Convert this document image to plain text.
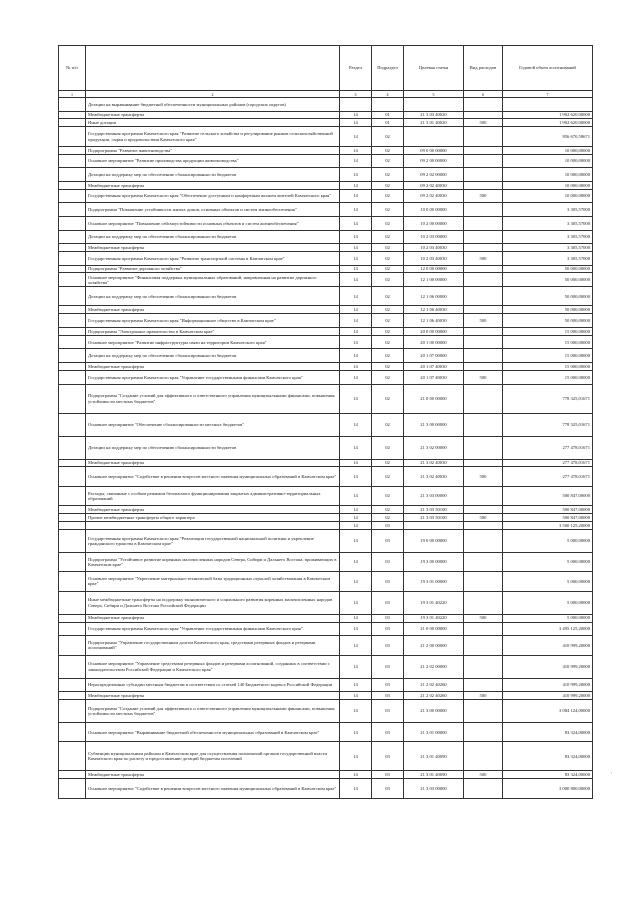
№ п/п		Раздел	Подраздел	Целевая статья	Вид расходов	Годовой объем ассигнований
1	2	3	4	5	6	7
	Дотации на выравнивание бюджетной обеспеченности муниципальных районов (городских округов)					
	Межбюджетные трансферты	14	01	21 3 03 40020		1 902 620,00000
	Иные дотации	14	01	21 3 01 40020	500	1 902 620,00000
	Государственная программа Камчатского края "Развитие сельского хозяйства и регулирование рынков сельскохозяйственной продукции, сырья и продовольствия Камчатского края"	14	02			856 670,58671
	Подпрограмма "Развитие животноводства"	14	02	09 0 00 00000		10 000,00000
	Основное мероприятие "Развитие производства продукции животноводства"	14	02	09 2 00 00000		10 000,00000
	Дотации на поддержку мер по обеспечению сбалансированности бюджетов	14	02	09 2 02 00000		10 000,00000
	Межбюджетные трансферты	14	02	09 2 02 40030		10 000,00000
	Государственная программа Камчатского края "Обеспечение доступным и комфортным жильем жителей Камчатского края"	14	02	09 2 02 40030	500	10 000,00000
	Подпрограмма "Повышение устойчивости жилых домов, основных объектов и систем жизнеобеспечения"	14	02	10 0 00 00000		3 305,57000
	Основное мероприятие "Повышение сейсмоустойчивости основных объектов и систем жизнеобеспечения"	14	02	10 2 00 00000		3 305,57000
	Дотации на поддержку мер по обеспечению сбалансированности бюджетов	14	02	10 2 03 00000		3 305,57000
	Межбюджетные трансферты	14	02	10 2 03 40030		3 305,57000
	Государственная программа Камчатского края "Развитие транспортной системы в Камчатском крае"	14	02	10 2 03 40030	500	3 305,57000
	Подпрограмма "Развитие дорожного хозяйства"	14	02	12 0 00 00000		50 000,00000
	Основное мероприятие "Финансовая поддержка муниципальных образований, направленная на развитие дорожного хозяйства"	14	02	12 1 00 00000		50 000,00000
	Дотации на поддержку мер по обеспечению сбалансированности бюджетов	14	02	12 1 06 00000		50 000,00000
	Межбюджетные трансферты	14	02	12 1 06 40030		50 000,00000
	Государственная программа Камчатского края "Информационное общество в Камчатском крае"	14	02	12 1 06 40030	500	50 000,00000
	Подпрограмма "Электронное правительство в Камчатском крае"	14	02	20 0 00 00000		15 000,00000
	Основное мероприятие "Развитие инфраструктуры связи на территории Камчатского края"	14	02	20 1 00 00000		15 000,00000
	Дотации на поддержку мер по обеспечению сбалансированности бюджетов	14	02	20 1 07 00000		15 000,00000
	Межбюджетные трансферты	14	02	20 1 07 40030		15 000,00000
	Государственная программа Камчатского края "Управление государственными финансами Камчатского края"	14	02	20 1 07 40030	500	15 000,00000
	Подпрограмма "Создание условий для эффективного и ответственного управления муниципальными финансами, повышения устойчивости местных бюджетов"	14	02	21 0 00 00000		778 325,01671
	Основное мероприятие "Обеспечение сбалансированности местных бюджетов"	14	02	21 3 00 00000		778 325,01671
	Дотации на поддержку мер по обеспечению сбалансированности бюджетов	14	02	21 3 02 00000		277 478,01671
	Межбюджетные трансферты	14	02	21 3 02 40030		277 478,01671
	Основное мероприятие "Содействие в решении вопросов местного значения муниципальных образований в Камчатском крае"	14	02	21 3 02 40030	500	277 478,01671
	Расходы, связанные с особым режимом безопасного функционирования закрытых административно-территориальных образований	14	02	21 3 03 00000		500 847,00000
	Межбюджетные трансферты	14	02	21 3 03 50100		500 847,00000
	Прочие межбюджетные трансферты общего характера	14	02	21 3 03 50100	500	500 847,00000
		14	03			3 500 125,20000
	Государственная программа Камчатского края "Реализация государственной национальной политики и укрепление гражданского единства в Камчатском крае"	14	03	19 0 00 00000		5 000,00000
	Подпрограмма "Устойчивое развитие коренных малочисленных народов Севера, Сибири и Дальнего Востока, проживающих в Камчатском крае"	14	03	19 3 00 00000		5 000,00000
	Основное мероприятие "Укрепление материально-технической базы традиционных отраслей хозяйствования в Камчатском крае"	14	03	19 3 01 00000		5 000,00000
	Иные межбюджетные трансферты на поддержку экономического и социального развития коренных малочисленных народов Севера, Сибири и Дальнего Востока Российской Федерации	14	03	19 3 01 40220		5 000,00000
	Межбюджетные трансферты	14	03	19 3 01 40220	500	5 000,00000
	Государственная программа Камчатского края "Управление государственными финансами Камчатского края"	14	03	21 0 00 00000		3 495 125,20000
	Подпрограмма "Управление государственным долгом Камчатского края, средствами резервных фондов и резервами ассигнований"	14	03	21 2 00 00000		410 999,20000
	Основное мероприятие "Управление средствами резервных фондов и резервами ассигнований, созданных в соответствии с законодательством Российской Федерации и Камчатского края"	14	03	21 2 02 00000		410 999,20000
	Нераспределенные субсидии местным бюджетам в соответствии со статьей 140 Бюджетного кодекса Российской Федерации	14	03	21 2 02 40260		410 999,20000
	Межбюджетные трансферты	14	03	21 2 02 40260	500	410 999,20000
	Подпрограмма "Создание условий для эффективного и ответственного управления муниципальными финансами, повышения устойчивости местных бюджетов"	14	03	21 3 00 00000		3 084 124,00000
	Основное мероприятие "Выравнивание бюджетной обеспеченности муниципальных образований в Камчатском крае"	14	03	21 3 01 00000		83 324,00000
	Субвенции муниципальным районам в Камчатском крае для осуществления полномочий органов государственной власти Камчатского края по расчету и предоставлению дотаций бюджетам поселений	14	03	21 3 01 40090		83 324,00000
	Межбюджетные трансферты	14	03	21 3 01 40090	500	83 324,00000
	Основное мероприятие "Содействие в решении вопросов местного значения муниципальных образований в Камчатском крае"	14	03	21 3 03 00000		3 000 800,00000
,
